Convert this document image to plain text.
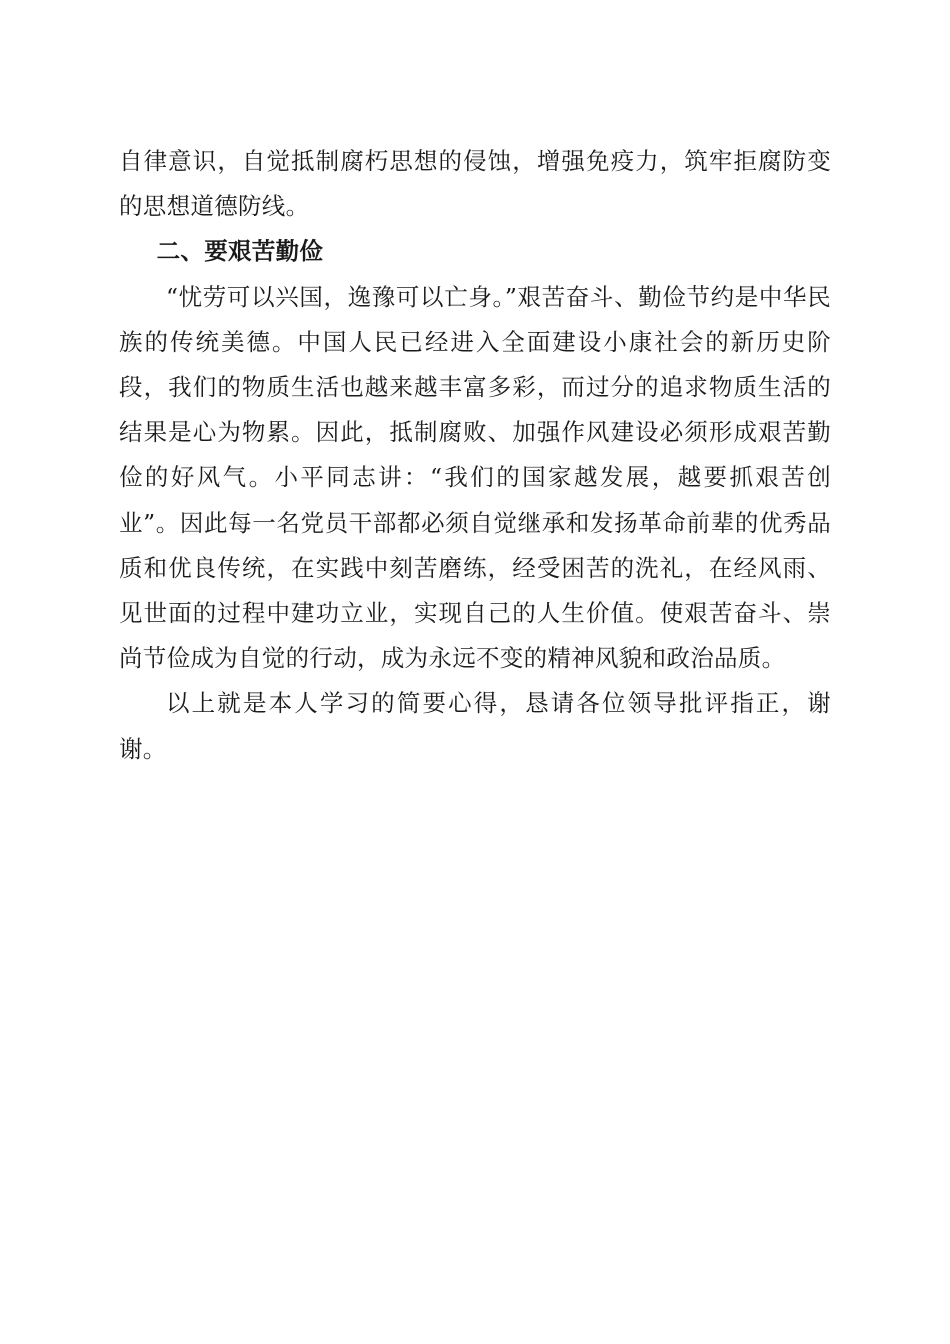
自律意识，自觉抵制腐朽思想的侵蚀，增强免疫力，筑牢拒腐防变的思想道德防线。

二、要艰苦勤俭

“忧劳可以兴国，逸豫可以亡身。”艰苦奋斗、勤俭节约是中华民族的传统美德。中国人民已经进入全面建设小康社会的新历史阶段，我们的物质生活也越来越丰富多彩，而过分的追求物质生活的结果是心为物累。因此，抵制腐败、加强作风建设必须形成艰苦勤俭的好风气。小平同志讲：“我们的国家越发展，越要抓艰苦创业”。因此每一名党员干部都必须自觉继承和发扬革命前辈的优秀品质和优良传统，在实践中刻苦磨练，经受困苦的洗礼，在经风雨、见世面的过程中建功立业，实现自己的人生价值。使艰苦奋斗、崇尚节俭成为自觉的行动，成为永远不变的精神风貌和政治品质。

以上就是本人学习的简要心得，恳请各位领导批评指正，谢谢。
